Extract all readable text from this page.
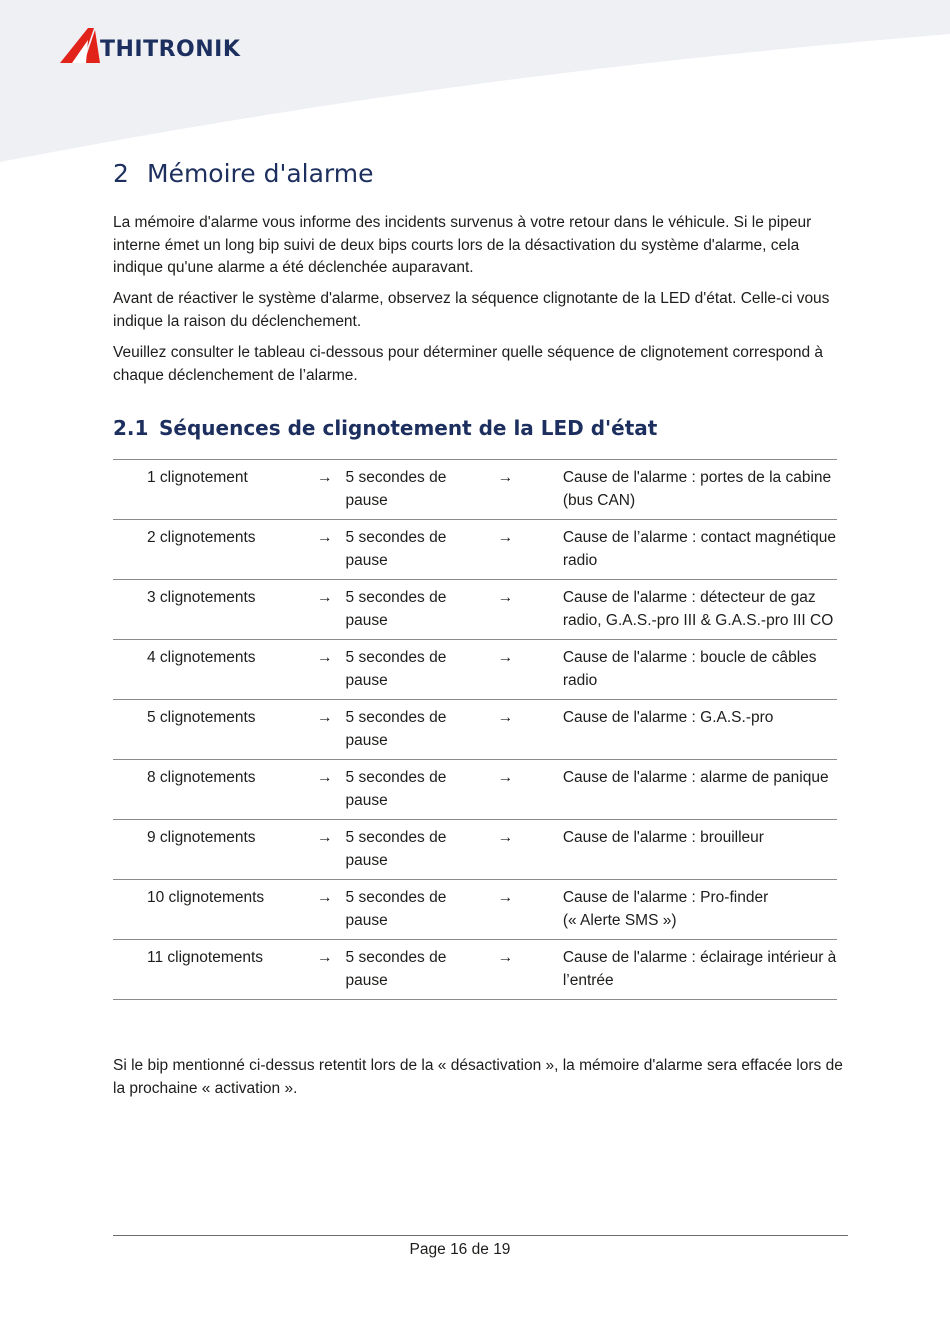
THITRONIK
2 Mémoire d'alarme

La mémoire d'alarme vous informe des incidents survenus à votre retour dans le véhicule. Si le pipeur interne émet un long bip suivi de deux bips courts lors de la désactivation du système d'alarme, cela indique qu'une alarme a été déclenchée auparavant.

Avant de réactiver le système d'alarme, observez la séquence clignotante de la LED d'état. Celle-ci vous indique la raison du déclenchement.

Veuillez consulter le tableau ci-dessous pour déterminer quelle séquence de clignotement correspond à chaque déclenchement de l’alarme.

2.1 Séquences de clignotement de la LED d'état
1 clignotement	→	5 secondes de pause	→	Cause de l'alarme : portes de la cabine
(bus CAN)
2 clignotements	→	5 secondes de pause	→	Cause de l’alarme : contact magnétique radio
3 clignotements	→	5 secondes de pause	→	Cause de l'alarme : détecteur de gaz radio, G.A.S.-pro III & G.A.S.-pro III CO
4 clignotements	→	5 secondes de pause	→	Cause de l'alarme : boucle de câbles radio
5 clignotements	→	5 secondes de pause	→	Cause de l'alarme : G.A.S.-pro
8 clignotements	→	5 secondes de pause	→	Cause de l'alarme : alarme de panique
9 clignotements	→	5 secondes de pause	→	Cause de l'alarme : brouilleur
10 clignotements	→	5 secondes de pause	→	Cause de l'alarme : Pro-finder
(« Alerte SMS »)
11 clignotements	→	5 secondes de pause	→	Cause de l'alarme : éclairage intérieur à l’entrée

Si le bip mentionné ci-dessus retentit lors de la « désactivation », la mémoire d'alarme sera effacée lors de la prochaine « activation ».

Page 16 de 19
